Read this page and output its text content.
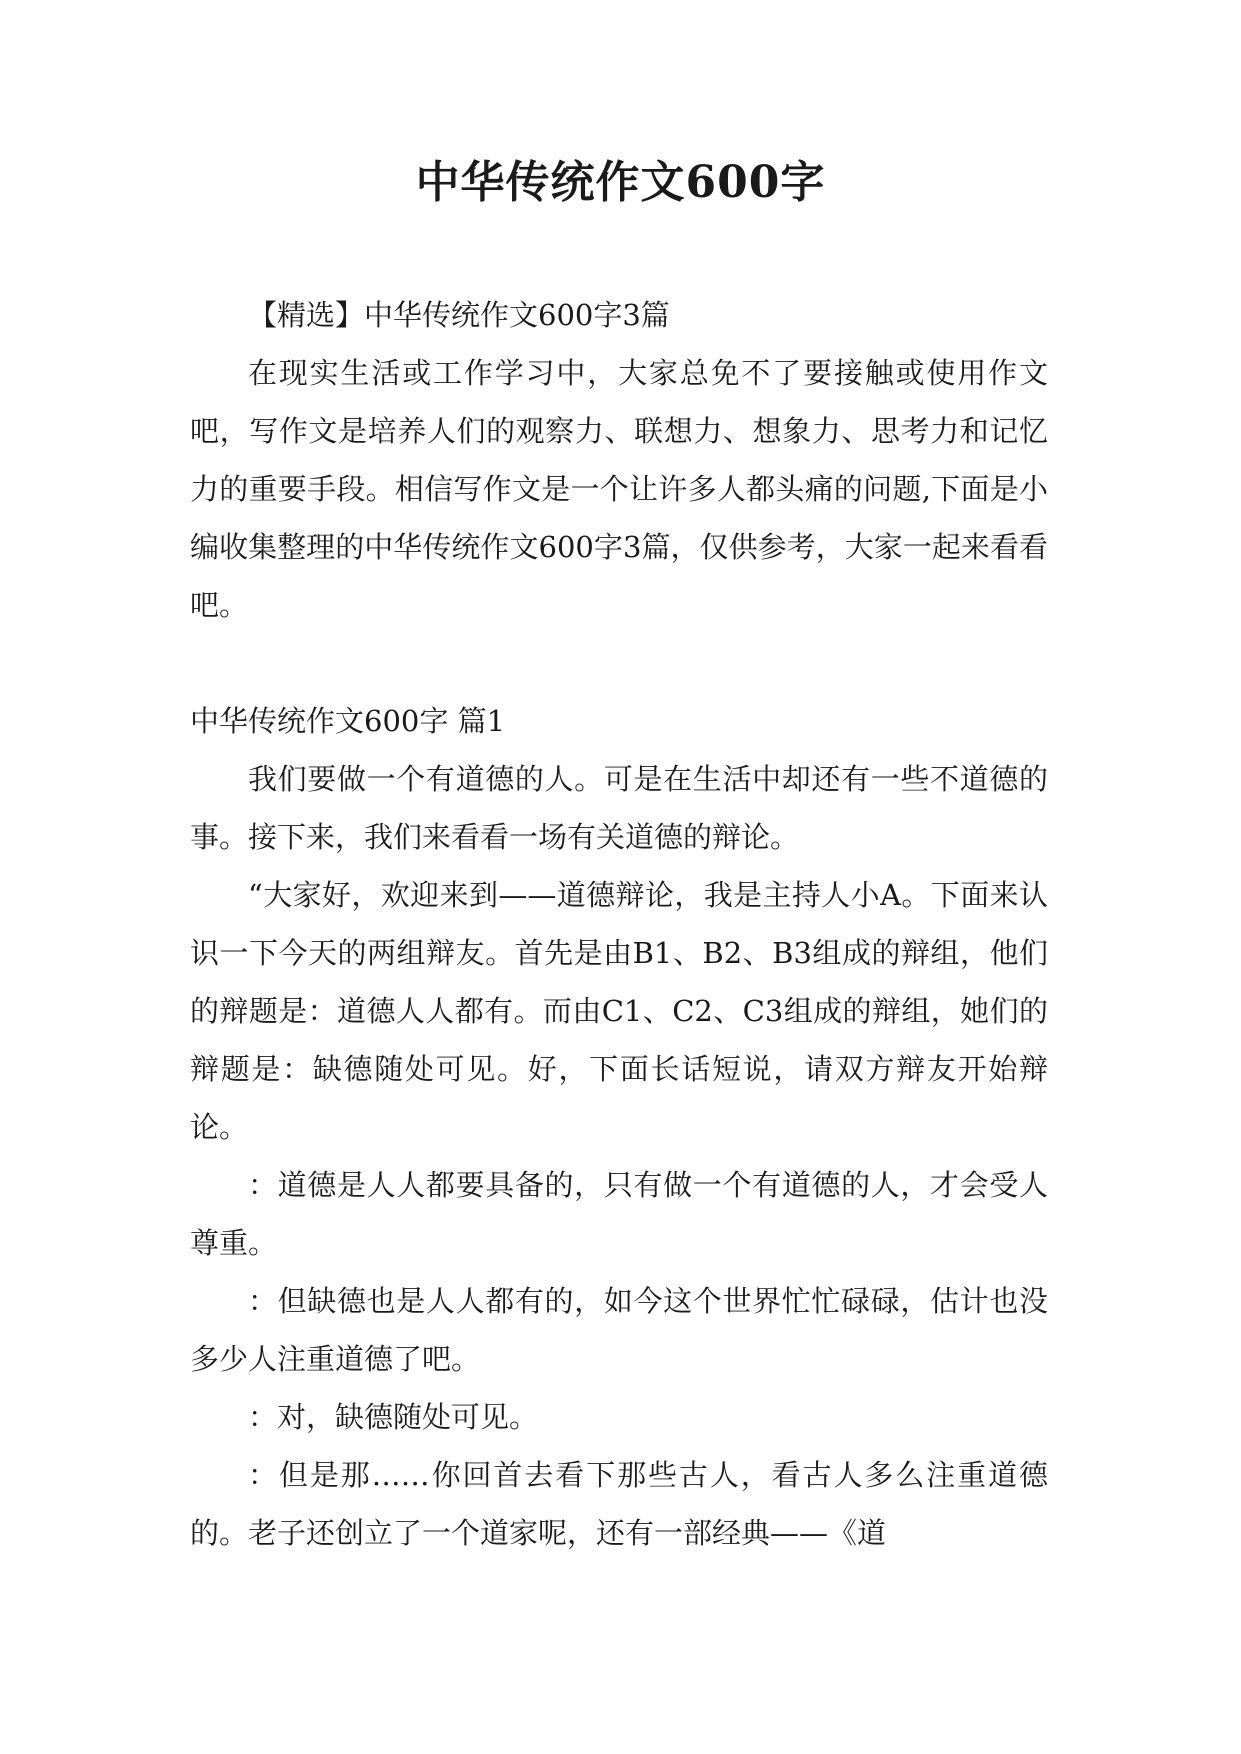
中华传统作文600字

【精选】中华传统作文600字3篇

在现实生活或工作学习中，大家总免不了要接触或使用作文吧，写作文是培养人们的观察力、联想力、想象力、思考力和记忆力的重要手段。相信写作文是一个让许多人都头痛的问题,下面是小编收集整理的中华传统作文600字3篇，仅供参考，大家一起来看看吧。

中华传统作文600字 篇1

我们要做一个有道德的人。可是在生活中却还有一些不道德的事。接下来，我们来看看一场有关道德的辩论。

“大家好，欢迎来到——道德辩论，我是主持人小A。下面来认识一下今天的两组辩友。首先是由B1、B2、B3组成的辩组，他们的辩题是：道德人人都有。而由C1、C2、C3组成的辩组，她们的辩题是：缺德随处可见。好，下面长话短说，请双方辩友开始辩论。

：道德是人人都要具备的，只有做一个有道德的人，才会受人尊重。

：但缺德也是人人都有的，如今这个世界忙忙碌碌，估计也没多少人注重道德了吧。

：对，缺德随处可见。

：但是那……你回首去看下那些古人，看古人多么注重道德的。老子还创立了一个道家呢，还有一部经典——《道
